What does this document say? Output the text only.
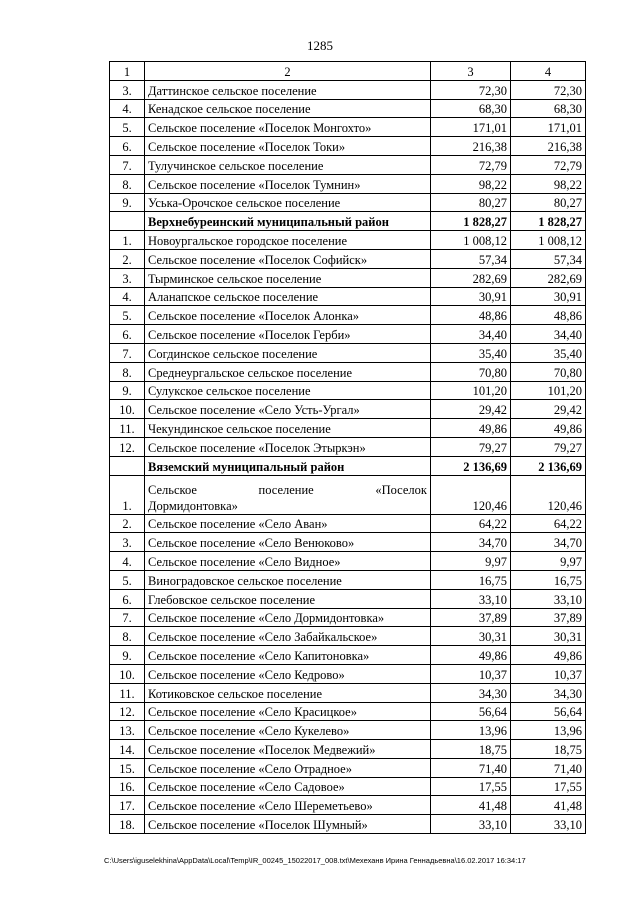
1285
1	2	3	4
3.	Даттинское сельское поселение	72,30	72,30
4.	Кенадское сельское поселение	68,30	68,30
5.	Сельское поселение «Поселок Монгохто»	171,01	171,01
6.	Сельское поселение «Поселок Токи»	216,38	216,38
7.	Тулучинское сельское поселение	72,79	72,79
8.	Сельское поселение «Поселок Тумнин»	98,22	98,22
9.	Уська-Орочское сельское поселение	80,27	80,27
	Верхнебуреинский муниципальный район	1 828,27	1 828,27
1.	Новоургальское городское поселение	1 008,12	1 008,12
2.	Сельское поселение «Поселок Софийск»	57,34	57,34
3.	Тырминское сельское поселение	282,69	282,69
4.	Аланапское сельское поселение	30,91	30,91
5.	Сельское поселение «Поселок Алонка»	48,86	48,86
6.	Сельское поселение «Поселок Герби»	34,40	34,40
7.	Согдинское сельское поселение	35,40	35,40
8.	Среднеургальское сельское поселение	70,80	70,80
9.	Сулукское сельское поселение	101,20	101,20
10.	Сельское поселение «Село Усть-Ургал»	29,42	29,42
11.	Чекундинское сельское поселение	49,86	49,86
12.	Сельское поселение «Поселок Этыркэн»	79,27	79,27
	Вяземский муниципальный район	2 136,69	2 136,69
1.	Сельское поселение «Поселок
Дормидонтовка»	120,46	120,46
2.	Сельское поселение «Село Аван»	64,22	64,22
3.	Сельское поселение «Село Венюково»	34,70	34,70
4.	Сельское поселение «Село Видное»	9,97	9,97
5.	Виноградовское сельское поселение	16,75	16,75
6.	Глебовское сельское поселение	33,10	33,10
7.	Сельское поселение «Село Дормидонтовка»	37,89	37,89
8.	Сельское поселение «Село Забайкальское»	30,31	30,31
9.	Сельское поселение «Село Капитоновка»	49,86	49,86
10.	Сельское поселение «Село Кедрово»	10,37	10,37
11.	Котиковское сельское поселение	34,30	34,30
12.	Сельское поселение «Село Красицкое»	56,64	56,64
13.	Сельское поселение «Село Кукелево»	13,96	13,96
14.	Сельское поселение «Поселок Медвежий»	18,75	18,75
15.	Сельское поселение «Село Отрадное»	71,40	71,40
16.	Сельское поселение «Село Садовое»	17,55	17,55
17.	Сельское поселение «Село Шереметьево»	41,48	41,48
18.	Сельское поселение «Поселок Шумный»	33,10	33,10
C:\Users\iguselekhina\AppData\Local\Temp\IR_00245_15022017_008.txt\Мехеханв Ирина Геннадьевна\16.02.2017 16:34:17
